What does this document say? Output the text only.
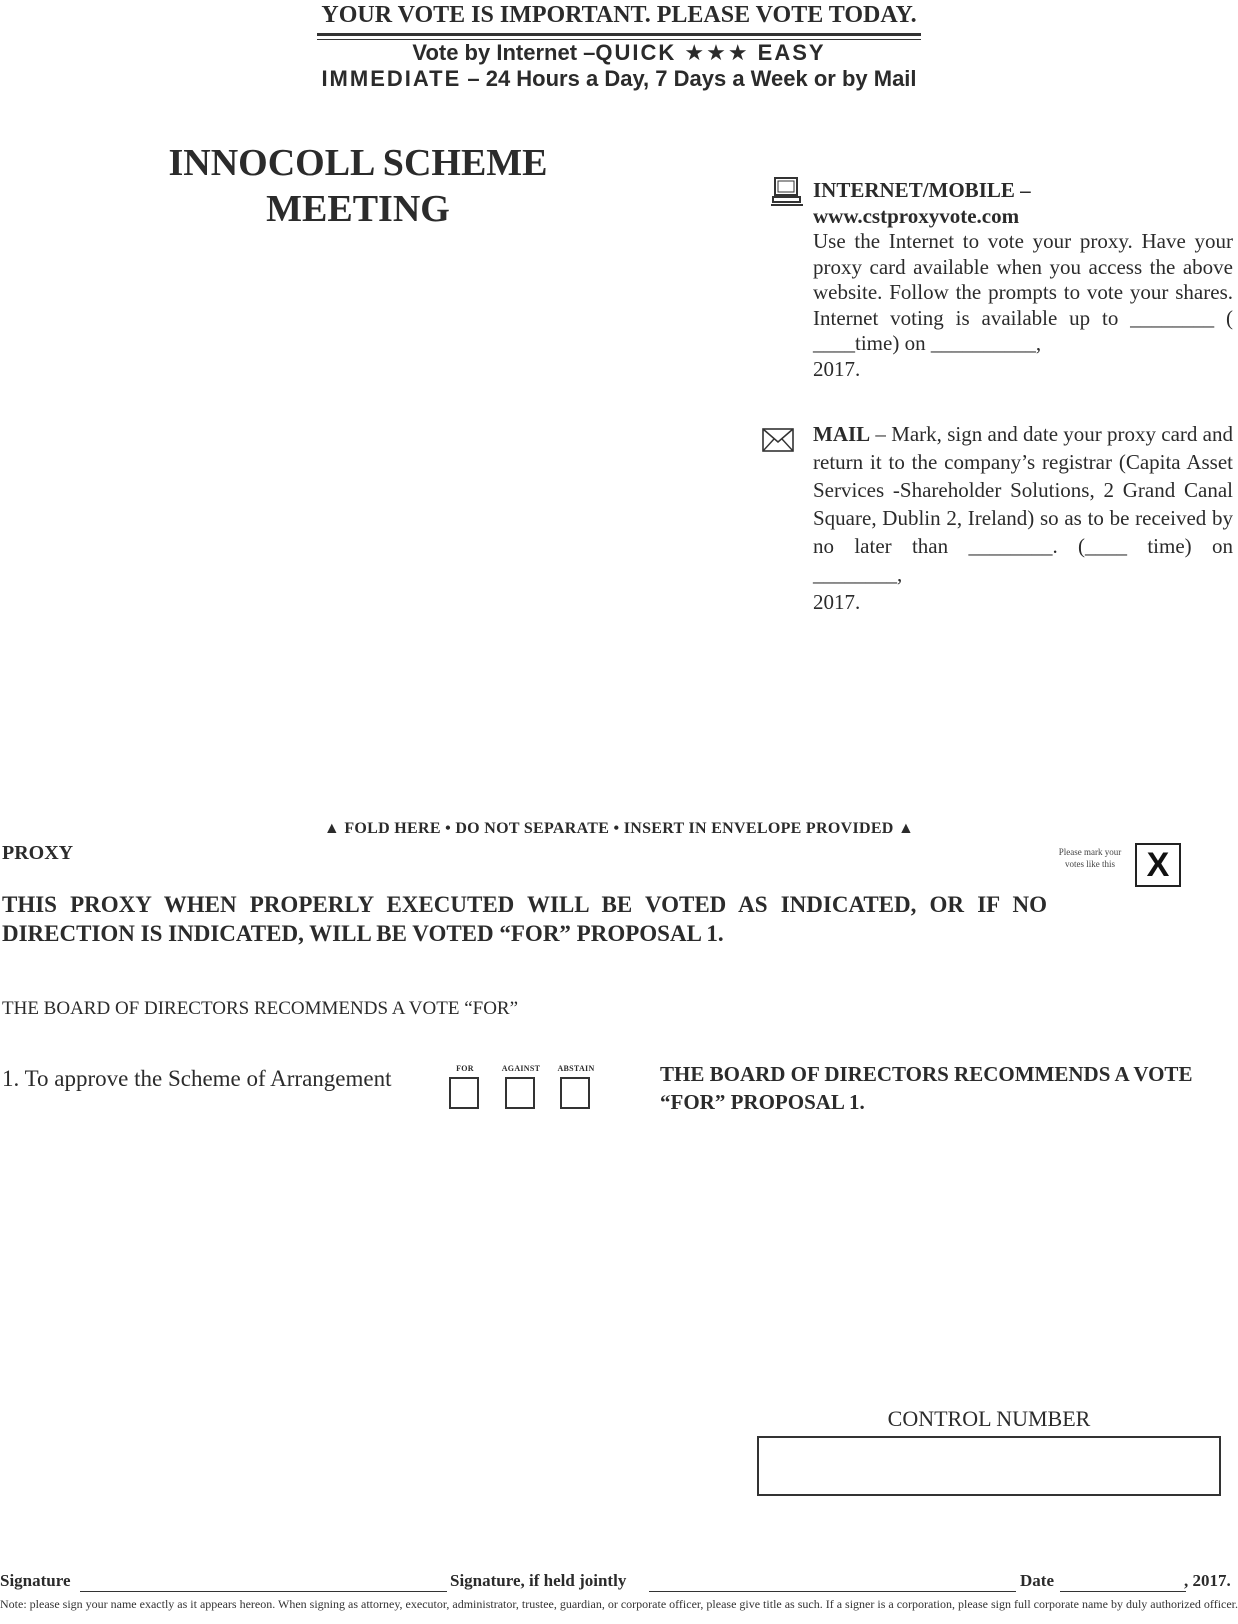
YOUR VOTE IS IMPORTANT. PLEASE VOTE TODAY.
Vote by Internet –QUICK ★★★ EASY
IMMEDIATE – 24 Hours a Day, 7 Days a Week or by Mail
INNOCOLL SCHEME
MEETING	INTERNET/MOBILE –
www.cstproxyvote.com
Use the Internet to vote your proxy. Have your proxy card available when you access the above website. Follow the prompts to vote your shares. Internet voting is available up to ________ ( ____time) on __________,
2017.
MAIL – Mark, sign and date your proxy card and return it to the company’s registrar (Capita Asset Services -Shareholder Solutions, 2 Grand Canal Square, Dublin 2, Ireland) so as to be received by no later than ________. (____ time) on ________,
2017.
▲ FOLD HERE • DO NOT SEPARATE • INSERT IN ENVELOPE PROVIDED ▲
PROXY	Please mark your votes like this X
THIS PROXY WHEN PROPERLY EXECUTED WILL BE VOTED AS INDICATED, OR IF NO DIRECTION IS INDICATED, WILL BE VOTED “FOR” PROPOSAL 1.
THE BOARD OF DIRECTORS RECOMMENDS A VOTE “FOR”
1. To approve the Scheme of Arrangement	FOR	AGAINST	ABSTAIN	THE BOARD OF DIRECTORS RECOMMENDS A VOTE “FOR” PROPOSAL 1.
CONTROL NUMBER
Signature	Signature, if held jointly	Date	, 2017.
Note: please sign your name exactly as it appears hereon. When signing as attorney, executor, administrator, trustee, guardian, or corporate officer, please give title as such. If a signer is a corporation, please sign full corporate name by duly authorized officer.
